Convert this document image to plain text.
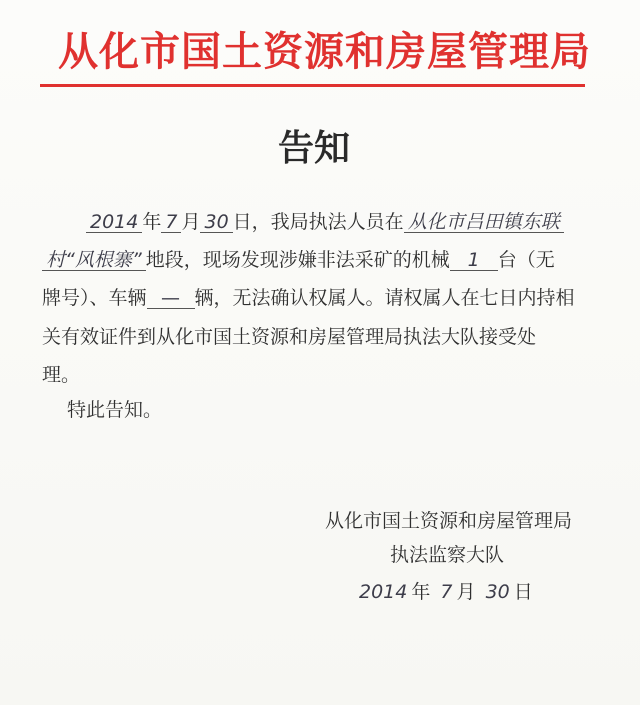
从化市国土资源和房屋管理局
告知
2014 年 7 月 30 日，我局执法人员在 从化市吕田镇东联
村“风根寨” 地段，现场发现涉嫌非法采矿的机械 1 台（无
牌号）、车辆 — 辆，无法确认权属人。请权属人在七日内持相
关有效证件到从化市国土资源和房屋管理局执法大队接受处
理。
特此告知。
从化市国土资源和房屋管理局
执法监察大队
2014 年 7 月 30 日
